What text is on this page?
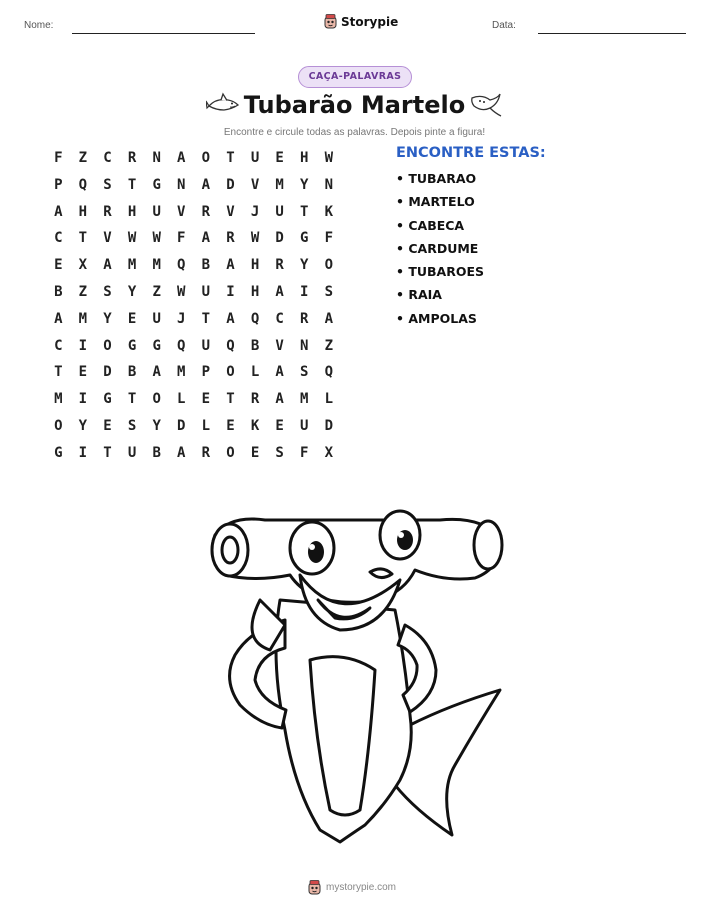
Nome:	Storypie	Data:
CAÇA-PALAVRAS
Tubarão Martelo
Encontre e circule todas as palavras. Depois pinte a figura!
F	Z	C	R	N	A	O	T	U	E	H	W
P	Q	S	T	G	N	A	D	V	M	Y	N
A	H	R	H	U	V	R	V	J	U	T	K
C	T	V	W	W	F	A	R	W	D	G	F
E	X	A	M	M	Q	B	A	H	R	Y	O
B	Z	S	Y	Z	W	U	I	H	A	I	S
A	M	Y	E	U	J	T	A	Q	C	R	A
C	I	O	G	G	Q	U	Q	B	V	N	Z
T	E	D	B	A	M	P	O	L	A	S	Q
M	I	G	T	O	L	E	T	R	A	M	L
O	Y	E	S	Y	D	L	E	K	E	U	D
G	I	T	U	B	A	R	O	E	S	F	X
ENCONTRE ESTAS:
• TUBARAO
• MARTELO
• CABECA
• CARDUME
• TUBAROES
• RAIA
• AMPOLAS
mystorypie.com
